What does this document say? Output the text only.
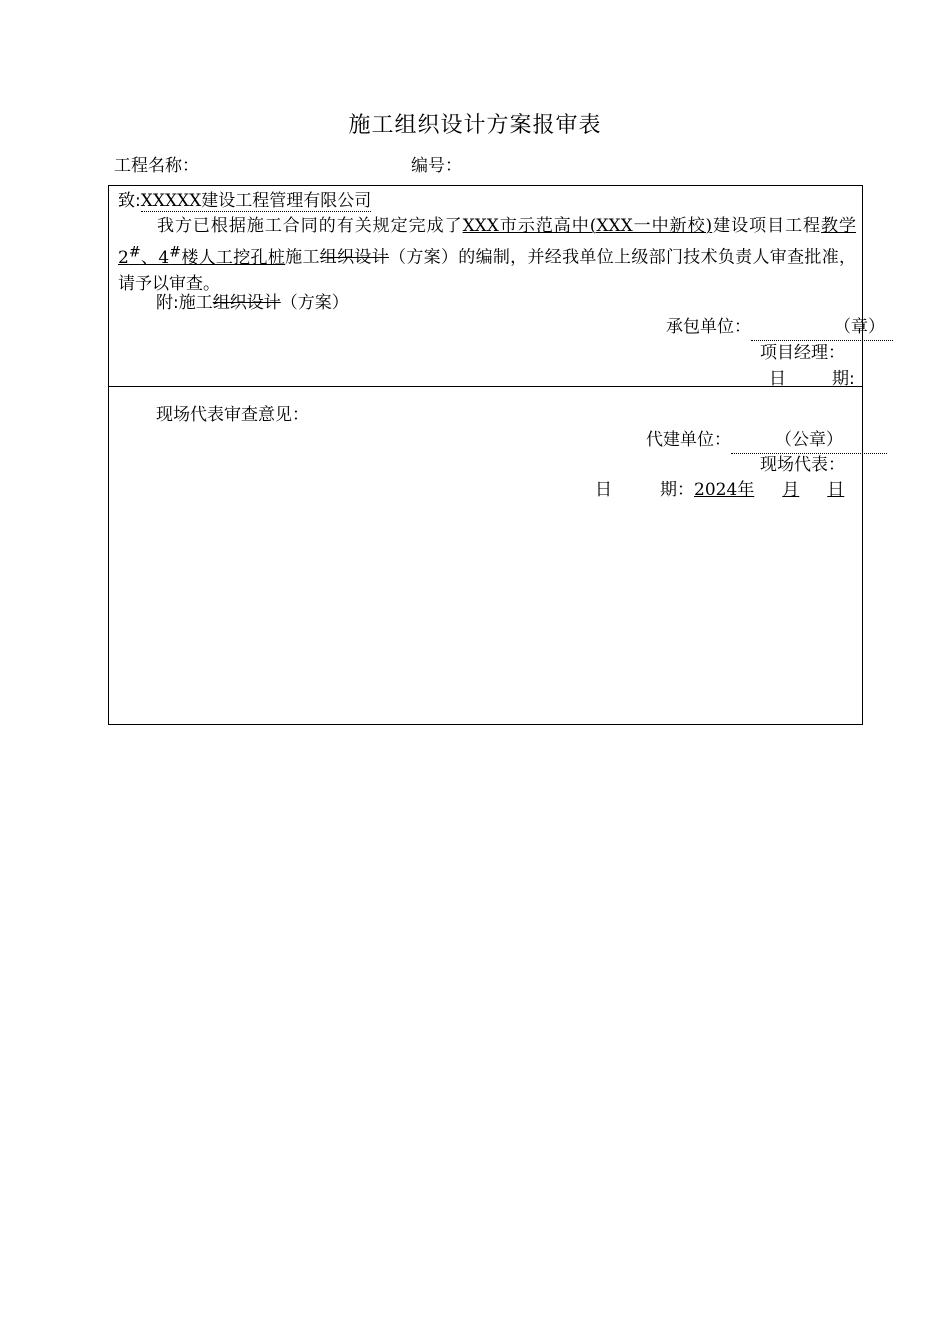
施工组织设计方案报审表
工程名称：	编号：
致:XXXXX建设工程管理有限公司
我方已根据施工合同的有关规定完成了XXX市示范高中(XXX一中新校)建设项目工程教学2#、4#楼人工挖孔桩施工组织设计（方案）的编制，并经我单位上级部门技术负责人审查批准，请予以审查。
附:施工组织设计（方案）
承包单位：	（章）
项目经理：
日	期:
现场代表审查意见：
代建单位：	（公章）
现场代表：
日	期：2024年 月 日
